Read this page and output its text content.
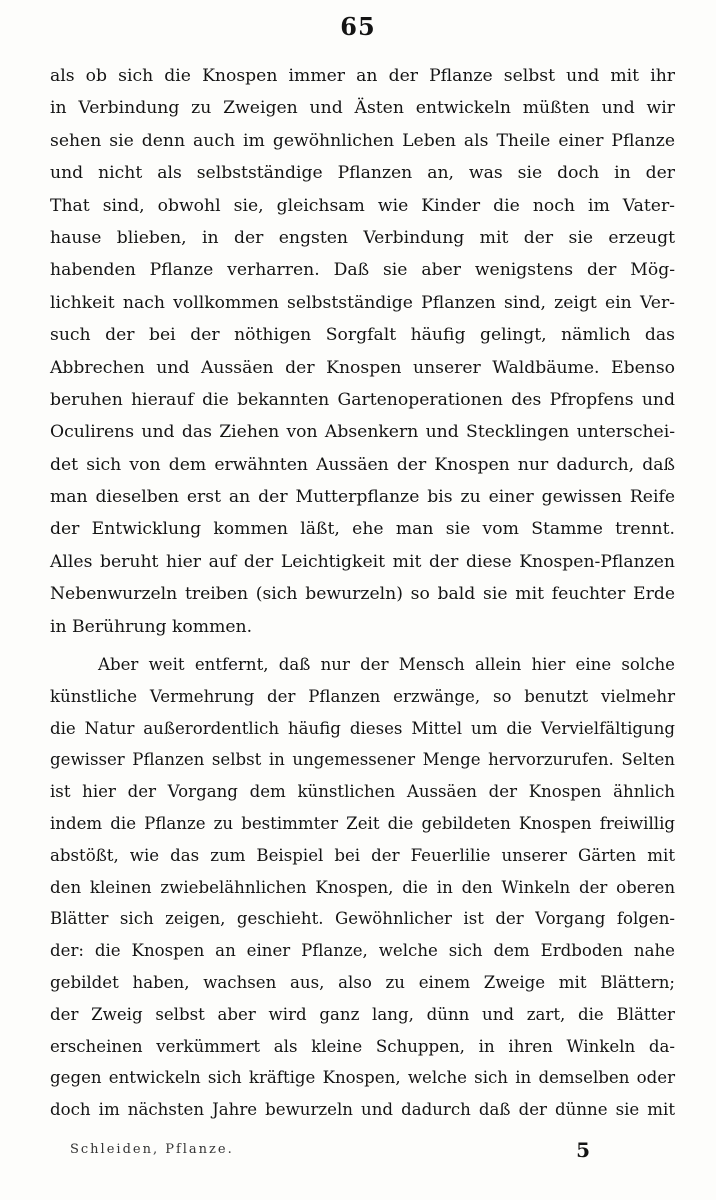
65
als ob sich die Knospen immer an der Pflanze selbst und mit ihr
in Verbindung zu Zweigen und Ästen entwickeln müßten und wir
sehen sie denn auch im gewöhnlichen Leben als Theile einer Pflanze
und nicht als selbstständige Pflanzen an, was sie doch in der
That sind, obwohl sie, gleichsam wie Kinder die noch im Vater-
hause blieben, in der engsten Verbindung mit der sie erzeugt
habenden Pflanze verharren. Daß sie aber wenigstens der Mög-
lichkeit nach vollkommen selbstständige Pflanzen sind, zeigt ein Ver-
such der bei der nöthigen Sorgfalt häufig gelingt, nämlich das
Abbrechen und Aussäen der Knospen unserer Waldbäume. Ebenso
beruhen hierauf die bekannten Gartenoperationen des Pfropfens und
Oculirens und das Ziehen von Absenkern und Stecklingen unterschei-
det sich von dem erwähnten Aussäen der Knospen nur dadurch, daß
man dieselben erst an der Mutterpflanze bis zu einer gewissen Reife
der Entwicklung kommen läßt, ehe man sie vom Stamme trennt.
Alles beruht hier auf der Leichtigkeit mit der diese Knospen-Pflanzen
Nebenwurzeln treiben (sich bewurzeln) so bald sie mit feuchter Erde
in Berührung kommen.
Aber weit entfernt, daß nur der Mensch allein hier eine solche
künstliche Vermehrung der Pflanzen erzwänge, so benutzt vielmehr
die Natur außerordentlich häufig dieses Mittel um die Vervielfältigung
gewisser Pflanzen selbst in ungemessener Menge hervorzurufen. Selten
ist hier der Vorgang dem künstlichen Aussäen der Knospen ähnlich
indem die Pflanze zu bestimmter Zeit die gebildeten Knospen freiwillig
abstößt, wie das zum Beispiel bei der Feuerlilie unserer Gärten mit
den kleinen zwiebelähnlichen Knospen, die in den Winkeln der oberen
Blätter sich zeigen, geschieht. Gewöhnlicher ist der Vorgang folgen-
der: die Knospen an einer Pflanze, welche sich dem Erdboden nahe
gebildet haben, wachsen aus, also zu einem Zweige mit Blättern;
der Zweig selbst aber wird ganz lang, dünn und zart, die Blätter
erscheinen verkümmert als kleine Schuppen, in ihren Winkeln da-
gegen entwickeln sich kräftige Knospen, welche sich in demselben oder
doch im nächsten Jahre bewurzeln und dadurch daß der dünne sie mit
Schleiden, Pflanze.	5
